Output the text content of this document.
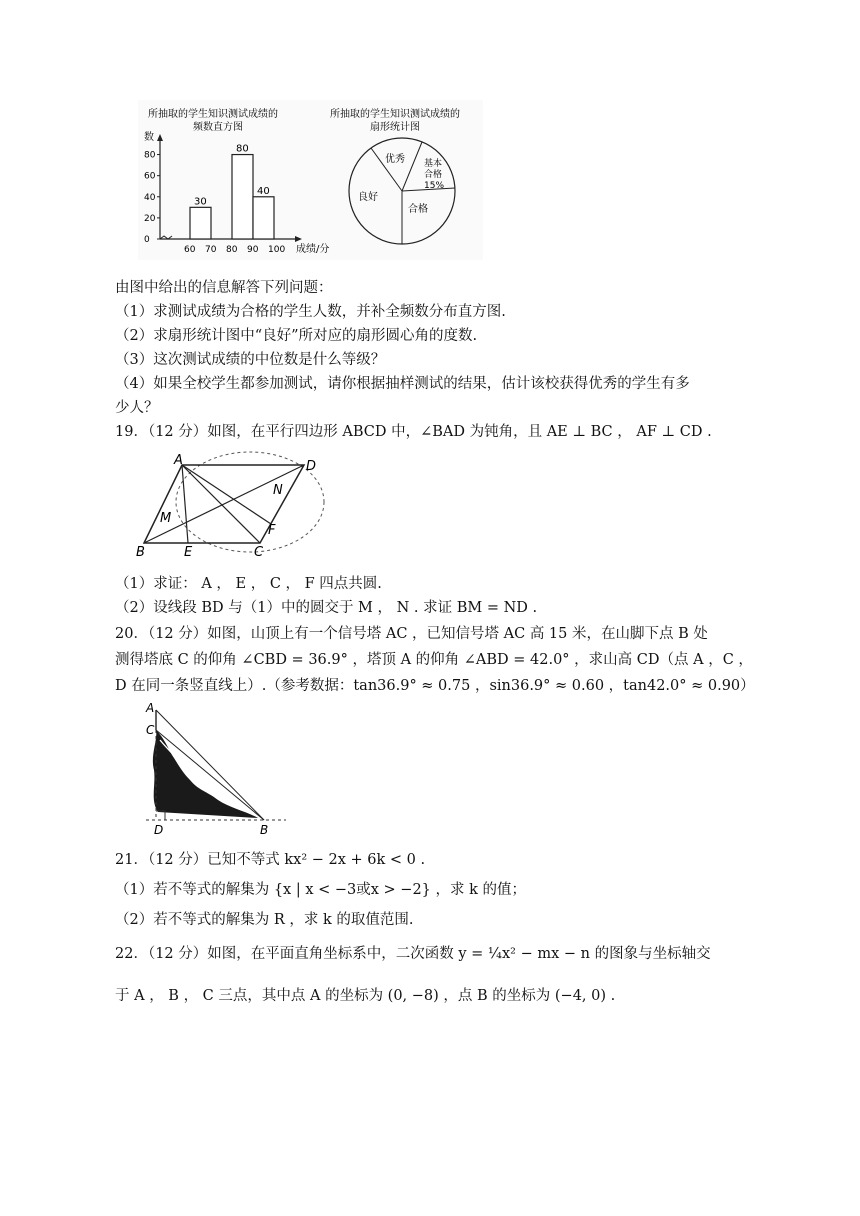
所抽取的学生知识测试成绩的
频数直方图
数
80
60
40
20
0
30
80
40
60 70 80 90 100 成绩/分
所抽取的学生知识测试成绩的
扇形统计图
优秀
良好
合格
基本
合格
15%
由图中给出的信息解答下列问题：
（1）求测试成绩为合格的学生人数，并补全频数分布直方图.
（2）求扇形统计图中“良好”所对应的扇形圆心角的度数.
（3）这次测试成绩的中位数是什么等级？
（4）如果全校学生都参加测试，请你根据抽样测试的结果，估计该校获得优秀的学生有多
少人？
19．（12 分）如图，在平行四边形 ABCD 中，∠BAD 为钝角，且 AE ⊥ BC ， AF ⊥ CD .
A	D
B	E	C
F
M
N
（1）求证： A ， E ， C ， F 四点共圆.
（2）设线段 BD 与（1）中的圆交于 M ， N . 求证 BM = ND .
20．（12 分）如图，山顶上有一个信号塔 AC ，已知信号塔 AC 高 15 米，在山脚下点 B 处
测得塔底 C 的仰角 ∠CBD = 36.9° ，塔顶 A 的仰角 ∠ABD = 42.0° ，求山高 CD（点 A ，C ，
D 在同一条竖直线上）.（参考数据：tan36.9° ≈ 0.75 ，sin36.9° ≈ 0.60 ，tan42.0° ≈ 0.90）
A
C
D	B
21．（12 分）已知不等式 kx² − 2x + 6k < 0 .
（1）若不等式的解集为 {x | x < −3或x > −2} ，求 k 的值；
（2）若不等式的解集为 R ，求 k 的取值范围.
22．（12 分）如图，在平面直角坐标系中，二次函数 y = ¼x² − mx − n 的图象与坐标轴交
于 A ， B ， C 三点，其中点 A 的坐标为 (0, −8) ，点 B 的坐标为 (−4, 0) .
